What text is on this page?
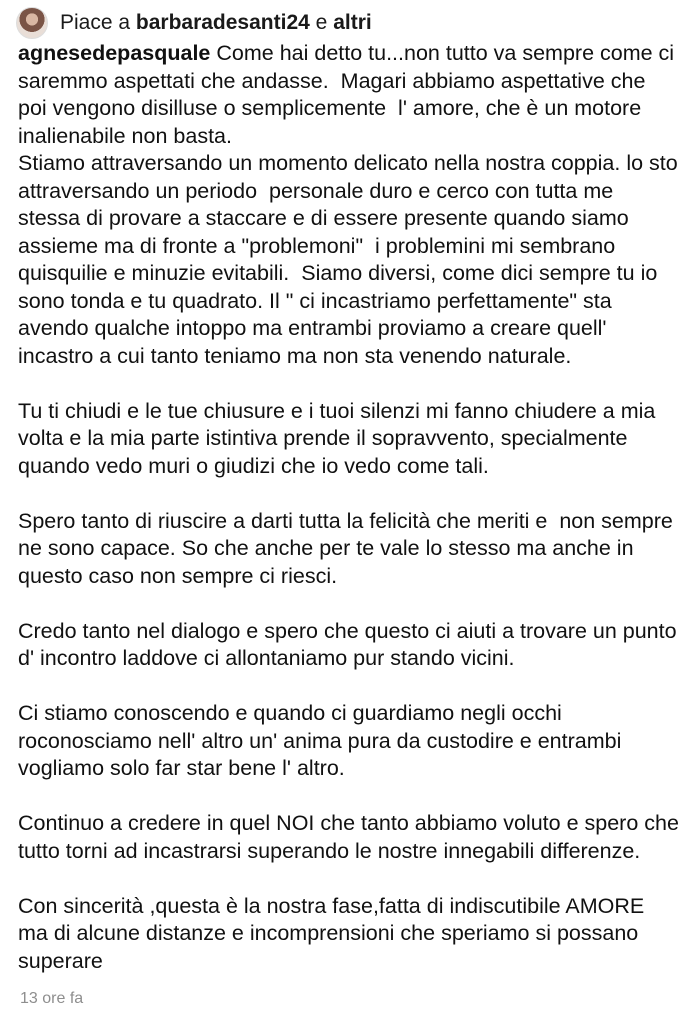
Piace a
barbaradesanti24
e
altri

agnesedepasquale Come hai detto tu...non tutto va sempre come ci saremmo aspettati che andasse.  Magari abbiamo aspettative che poi vengono disilluse o semplicemente  l' amore, che è un motore inalienabile non basta.

Stiamo attraversando un momento delicato nella nostra coppia. lo sto attraversando un periodo  personale duro e cerco con tutta me stessa di provare a staccare e di essere presente quando siamo assieme ma di fronte a "problemoni"  i problemini mi sembrano quisquilie e minuzie evitabili.  Siamo diversi, come dici sempre tu io sono tonda e tu quadrato. Il " ci incastriamo perfettamente" sta avendo qualche intoppo ma entrambi proviamo a creare quell' incastro a cui tanto teniamo ma non sta venendo naturale.

Tu ti chiudi e le tue chiusure e i tuoi silenzi mi fanno chiudere a mia volta e la mia parte istintiva prende il sopravvento, specialmente quando vedo muri o giudizi che io vedo come tali.

Spero tanto di riuscire a darti tutta la felicità che meriti e  non sempre ne sono capace. So che anche per te vale lo stesso ma anche in questo caso non sempre ci riesci.

Credo tanto nel dialogo e spero che questo ci aiuti a trovare un punto d' incontro laddove ci allontaniamo pur stando vicini.

Ci stiamo conoscendo e quando ci guardiamo negli occhi roconosciamo nell' altro un' anima pura da custodire e entrambi vogliamo solo far star bene l' altro.

Continuo a credere in quel NOI che tanto abbiamo voluto e spero che tutto torni ad incastrarsi superando le nostre innegabili differenze.

Con sincerità ,questa è la nostra fase,fatta di indiscutibile AMORE ma di alcune distanze e incomprensioni che speriamo si possano superare

13 ore fa
